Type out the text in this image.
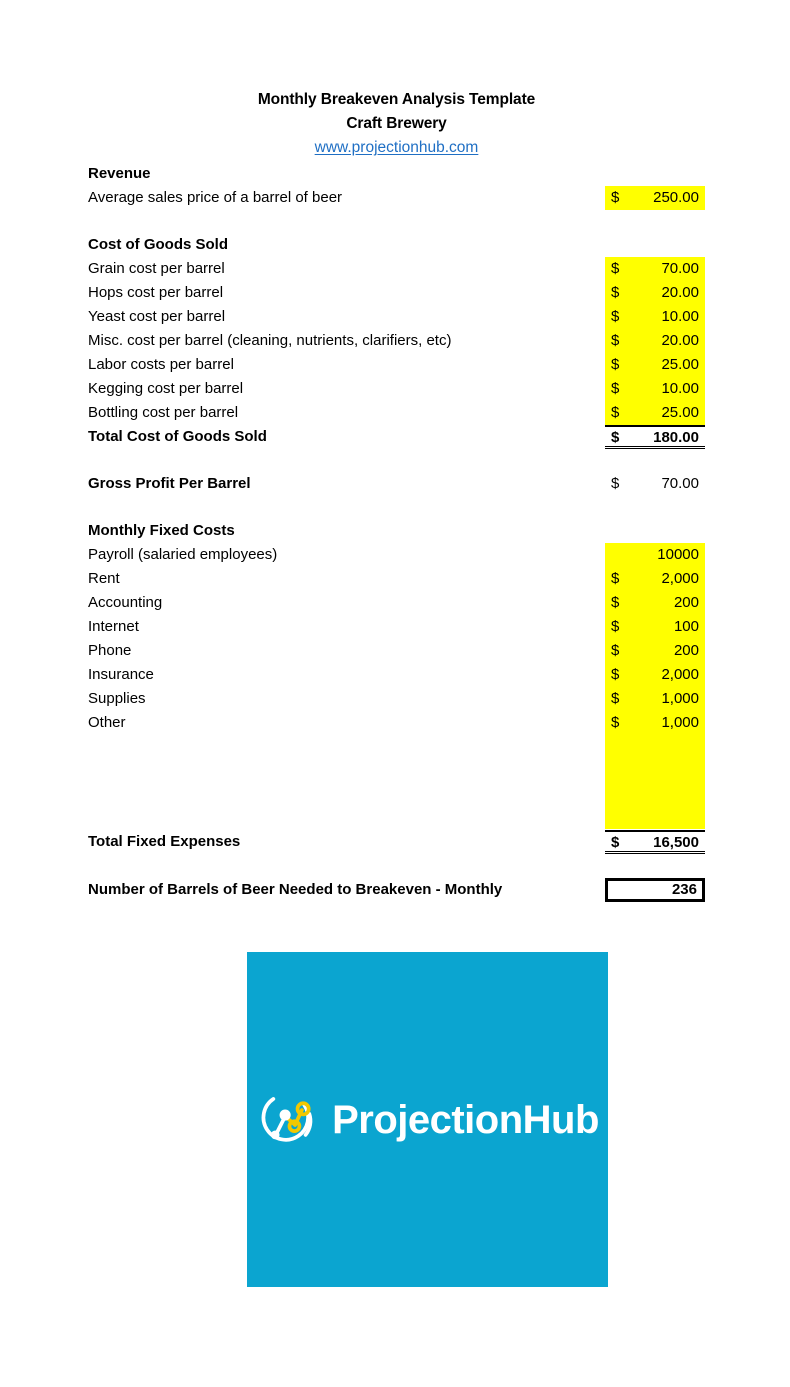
Monthly Breakeven Analysis Template
Craft Brewery
www.projectionhub.com
Revenue
Average sales price of a barrel of beer	$ 250.00
Cost of Goods Sold
Grain cost per barrel	$	70.00
Hops cost per barrel	$	20.00
Yeast cost per barrel	$	10.00
Misc. cost per barrel (cleaning, nutrients, clarifiers, etc)	$	20.00
Labor costs per barrel	$	25.00
Kegging cost per barrel	$	10.00
Bottling cost per barrel	$	25.00
Total Cost of Goods Sold	$ 180.00
Gross Profit Per Barrel	$	70.00
Monthly Fixed Costs
Payroll (salaried employees)	10000
Rent	$	2,000
Accounting	$	200
Internet	$	100
Phone	$	200
Insurance	$	2,000
Supplies	$	1,000
Other	$	1,000
Total Fixed Expenses	$ 16,500
Number of Barrels of Beer Needed to Breakeven - Monthly	236
ProjectionHub
